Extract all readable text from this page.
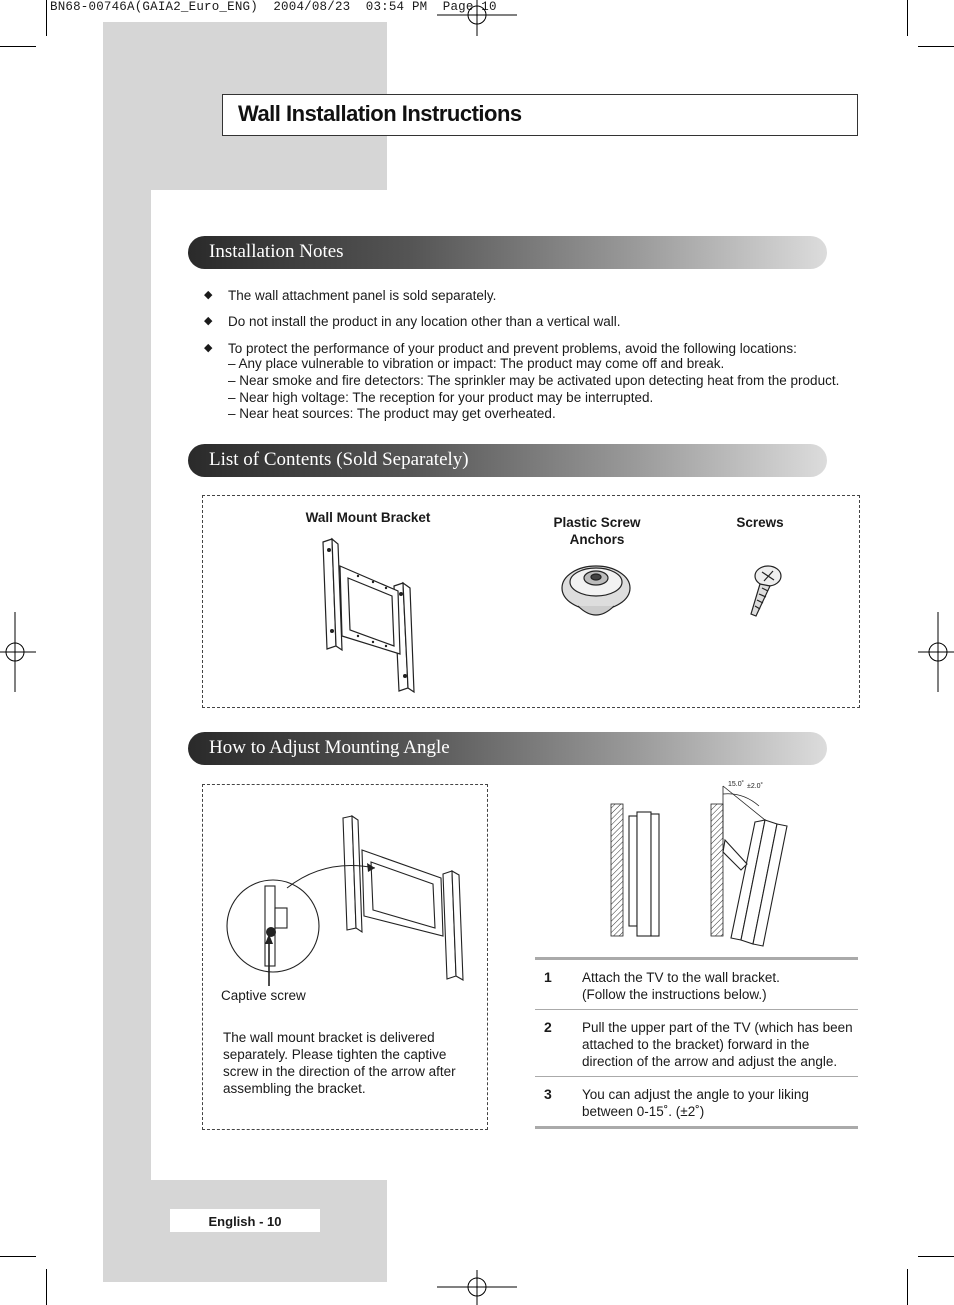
BN68-00746A(GAIA2_Euro_ENG)  2004/08/23  03:54 PM  Page 10
Wall Installation Instructions
Installation Notes
◆ The wall attachment panel is sold separately.
◆ Do not install the product in any location other than a vertical wall.
◆ To protect the performance of your product and prevent problems, avoid the following locations:
– Any place vulnerable to vibration or impact: The product may come off and break.
– Near smoke and fire detectors: The sprinkler may be activated upon detecting heat from the product.
– Near high voltage: The reception for your product may be interrupted.
– Near heat sources: The product may get overheated.
List of Contents (Sold Separately)
Wall Mount Bracket	Plastic Screw
Anchors
Screws
How to Adjust Mounting Angle
Captive screw
The wall mount bracket is delivered
separately. Please tighten the captive
screw in the direction of the arrow after
assembling the bracket.
15.0˚ ±2.0˚
1 Attach the TV to the wall bracket.
(Follow the instructions below.)
2 Pull the upper part of the TV (which has been
attached to the bracket) forward in the
direction of the arrow and adjust the angle.
3 You can adjust the angle to your liking
between 0-15˚. (±2˚)
English - 10
